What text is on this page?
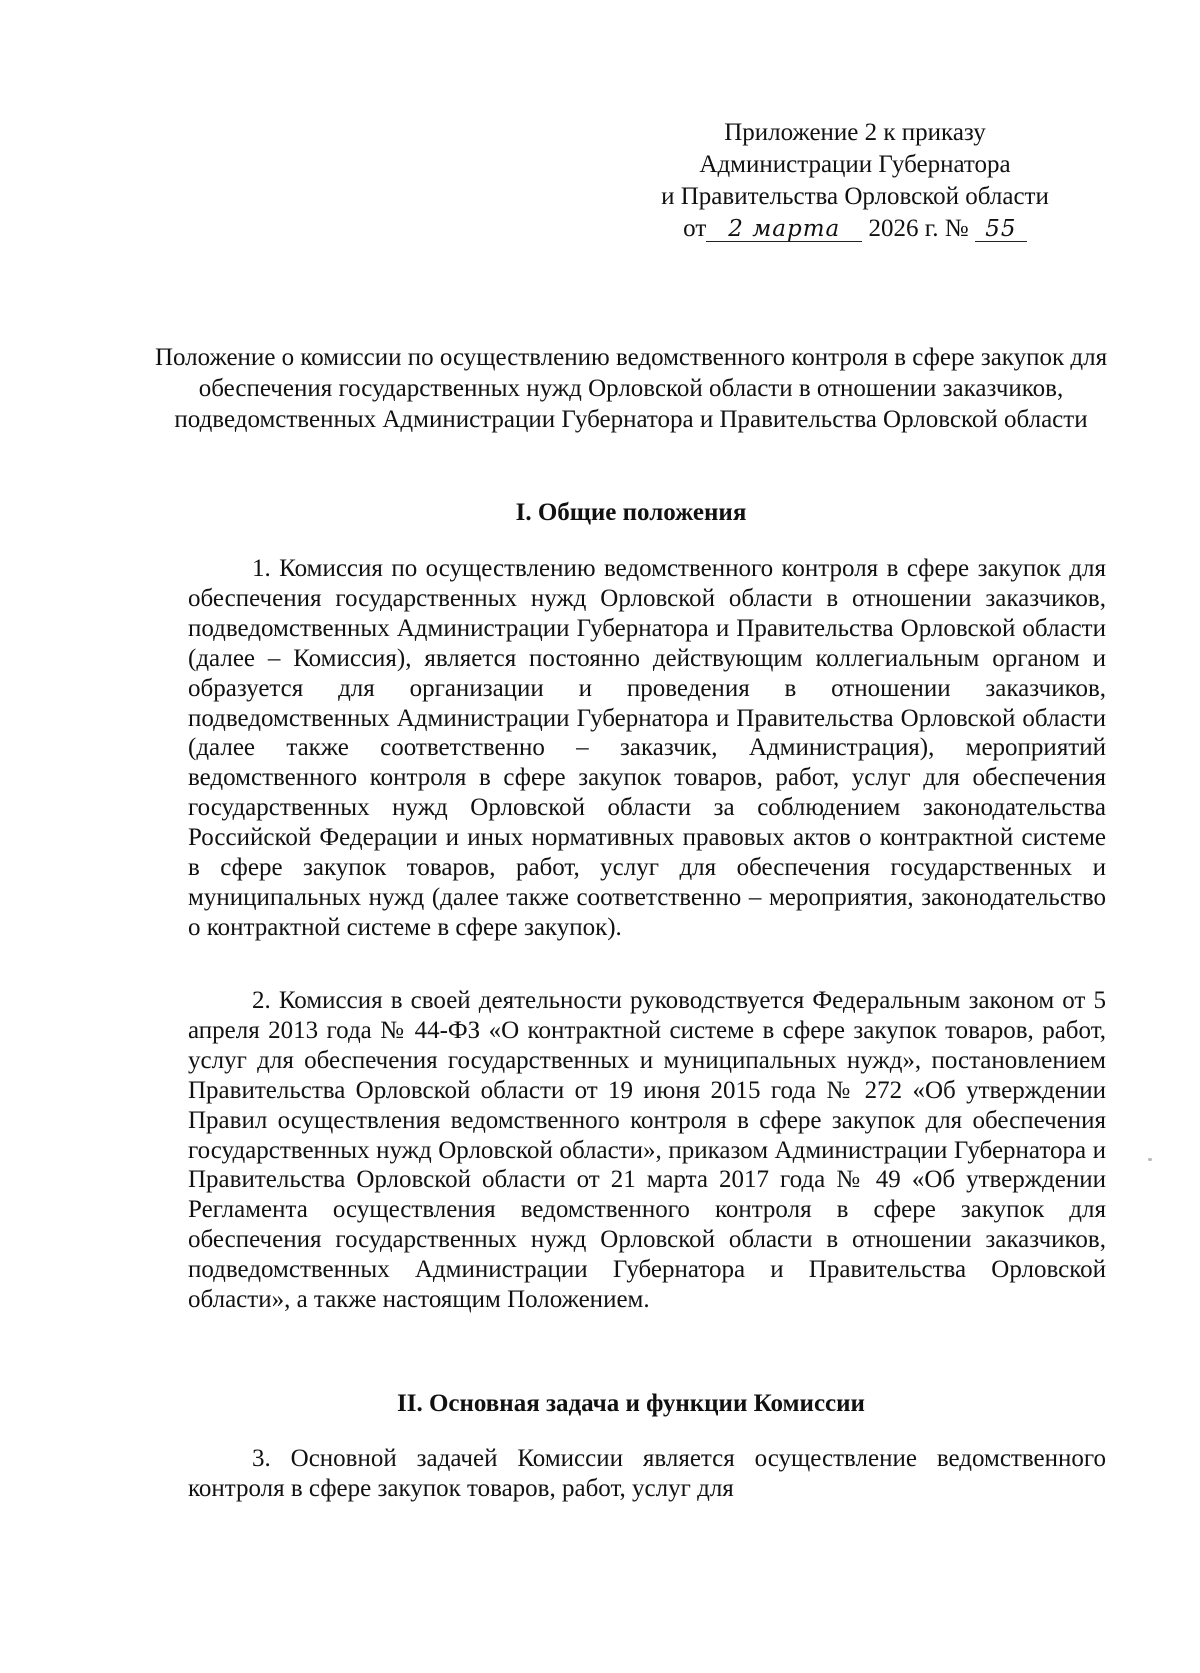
Приложение 2 к приказу
Администрации Губернатора
и Правительства Орловской области
от 2 марта 2026 г. № 55
Положение о комиссии по осуществлению ведомственного контроля в сфере закупок для обеспечения государственных нужд Орловской области в отношении заказчиков, подведомственных Администрации Губернатора и Правительства Орловской области
I. Общие положения

1. Комиссия по осуществлению ведомственного контроля в сфере закупок для обеспечения государственных нужд Орловской области в отношении заказчиков, подведомственных Администрации Губернатора и Правительства Орловской области (далее – Комиссия), является постоянно действующим коллегиальным органом и образуется для организации и проведения в отношении заказчиков, подведомственных Администрации Губернатора и Правительства Орловской области (далее также соответственно – заказчик, Администрация), мероприятий ведомственного контроля в сфере закупок товаров, работ, услуг для обеспечения государственных нужд Орловской области за соблюдением законодательства Российской Федерации и иных нормативных правовых актов о контрактной системе в сфере закупок товаров, работ, услуг для обеспечения государственных и муниципальных нужд (далее также соответственно – мероприятия, законодательство о контрактной системе в сфере закупок).

2. Комиссия в своей деятельности руководствуется Федеральным законом от 5 апреля 2013 года № 44-ФЗ «О контрактной системе в сфере закупок товаров, работ, услуг для обеспечения государственных и муниципальных нужд», постановлением Правительства Орловской области от 19 июня 2015 года № 272 «Об утверждении Правил осуществления ведомственного контроля в сфере закупок для обеспечения государственных нужд Орловской области», приказом Администрации Губернатора и Правительства Орловской области от 21 марта 2017 года № 49 «Об утверждении Регламента осуществления ведомственного контроля в сфере закупок для обеспечения государственных нужд Орловской области в отношении заказчиков, подведомственных Администрации Губернатора и Правительства Орловской области», а также настоящим Положением.

II. Основная задача и функции Комиссии

3. Основной задачей Комиссии является осуществление ведомственного контроля в сфере закупок товаров, работ, услуг для
